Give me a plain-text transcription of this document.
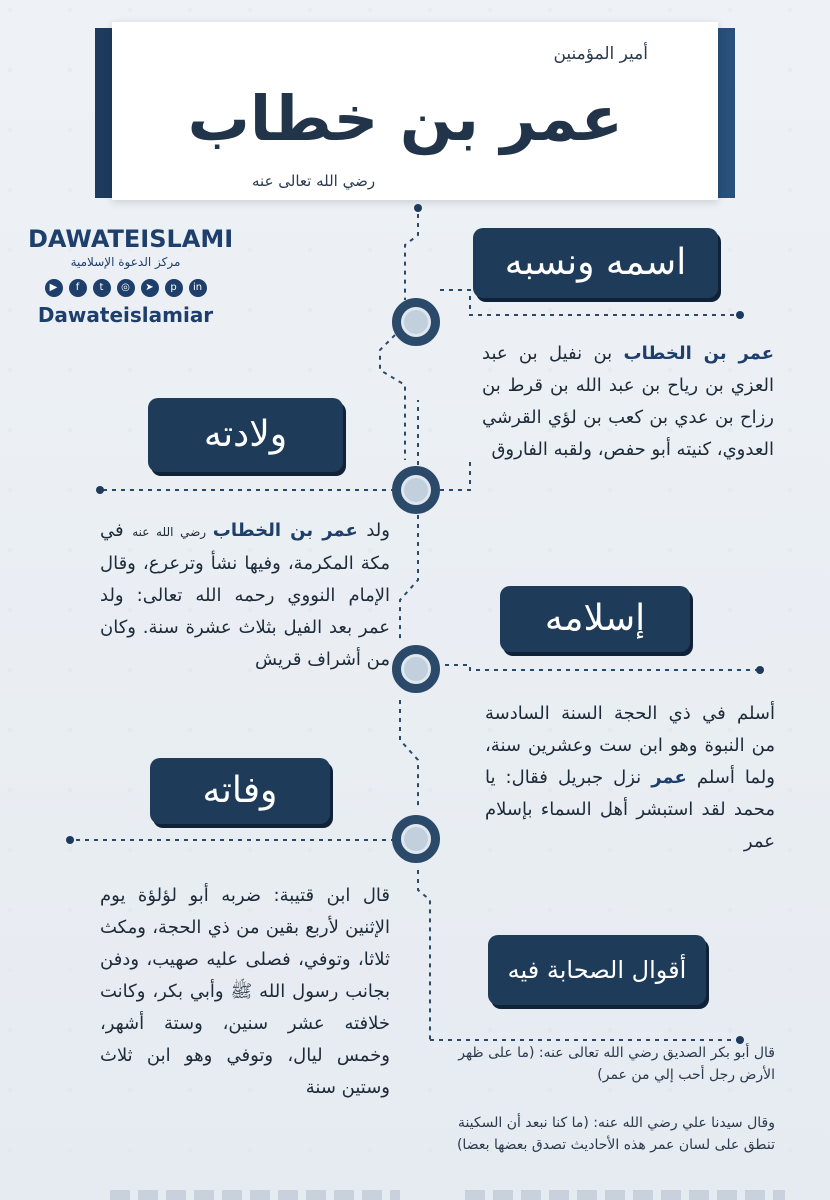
أمير المؤمنين
عمر بن خطاب
رضي الله تعالى عنه
DAWATEISLAMI
مركز الدعوة الإسلامية
▶	f	t	◎	➤	p	in
Dawateislamiar
اسمه ونسبه
ولادته
إسلامه
وفاته
أقوال الصحابة فيه
عمر بن الخطاب بن نفيل بن عبد العزي بن رياح بن عبد الله بن قرط بن رزاح بن عدي بن كعب بن لؤي القرشي العدوي، كنيته أبو حفص، ولقبه الفاروق
ولد عمر بن الخطاب رضي الله عنه في مكة المكرمة، وفيها نشأ وترعرع، وقال الإمام النووي رحمه الله تعالى: ولد عمر بعد الفيل بثلاث عشرة سنة. وكان من أشراف قريش
أسلم في ذي الحجة السنة السادسة من النبوة وهو ابن ست وعشرين سنة، ولما أسلم عمر نزل جبريل فقال: يا محمد لقد استبشر أهل السماء بإسلام عمر
قال ابن قتيبة: ضربه أبو لؤلؤة يوم الإثنين لأربع بقين من ذي الحجة، ومكث ثلاثا، وتوفي، فصلى عليه صهيب، ودفن بجانب رسول الله ﷺ وأبي بكر، وكانت خلافته عشر سنين، وستة أشهر، وخمس ليال، وتوفي وهو ابن ثلاث وستين سنة
قال أبو بكر الصديق رضي الله تعالى عنه: (ما على ظهر الأرض رجل أحب إلي من عمر)
وقال سيدنا علي رضي الله عنه: (ما كنا نبعد أن السكينة تنطق على لسان عمر هذه الأحاديث تصدق بعضها بعضا)
